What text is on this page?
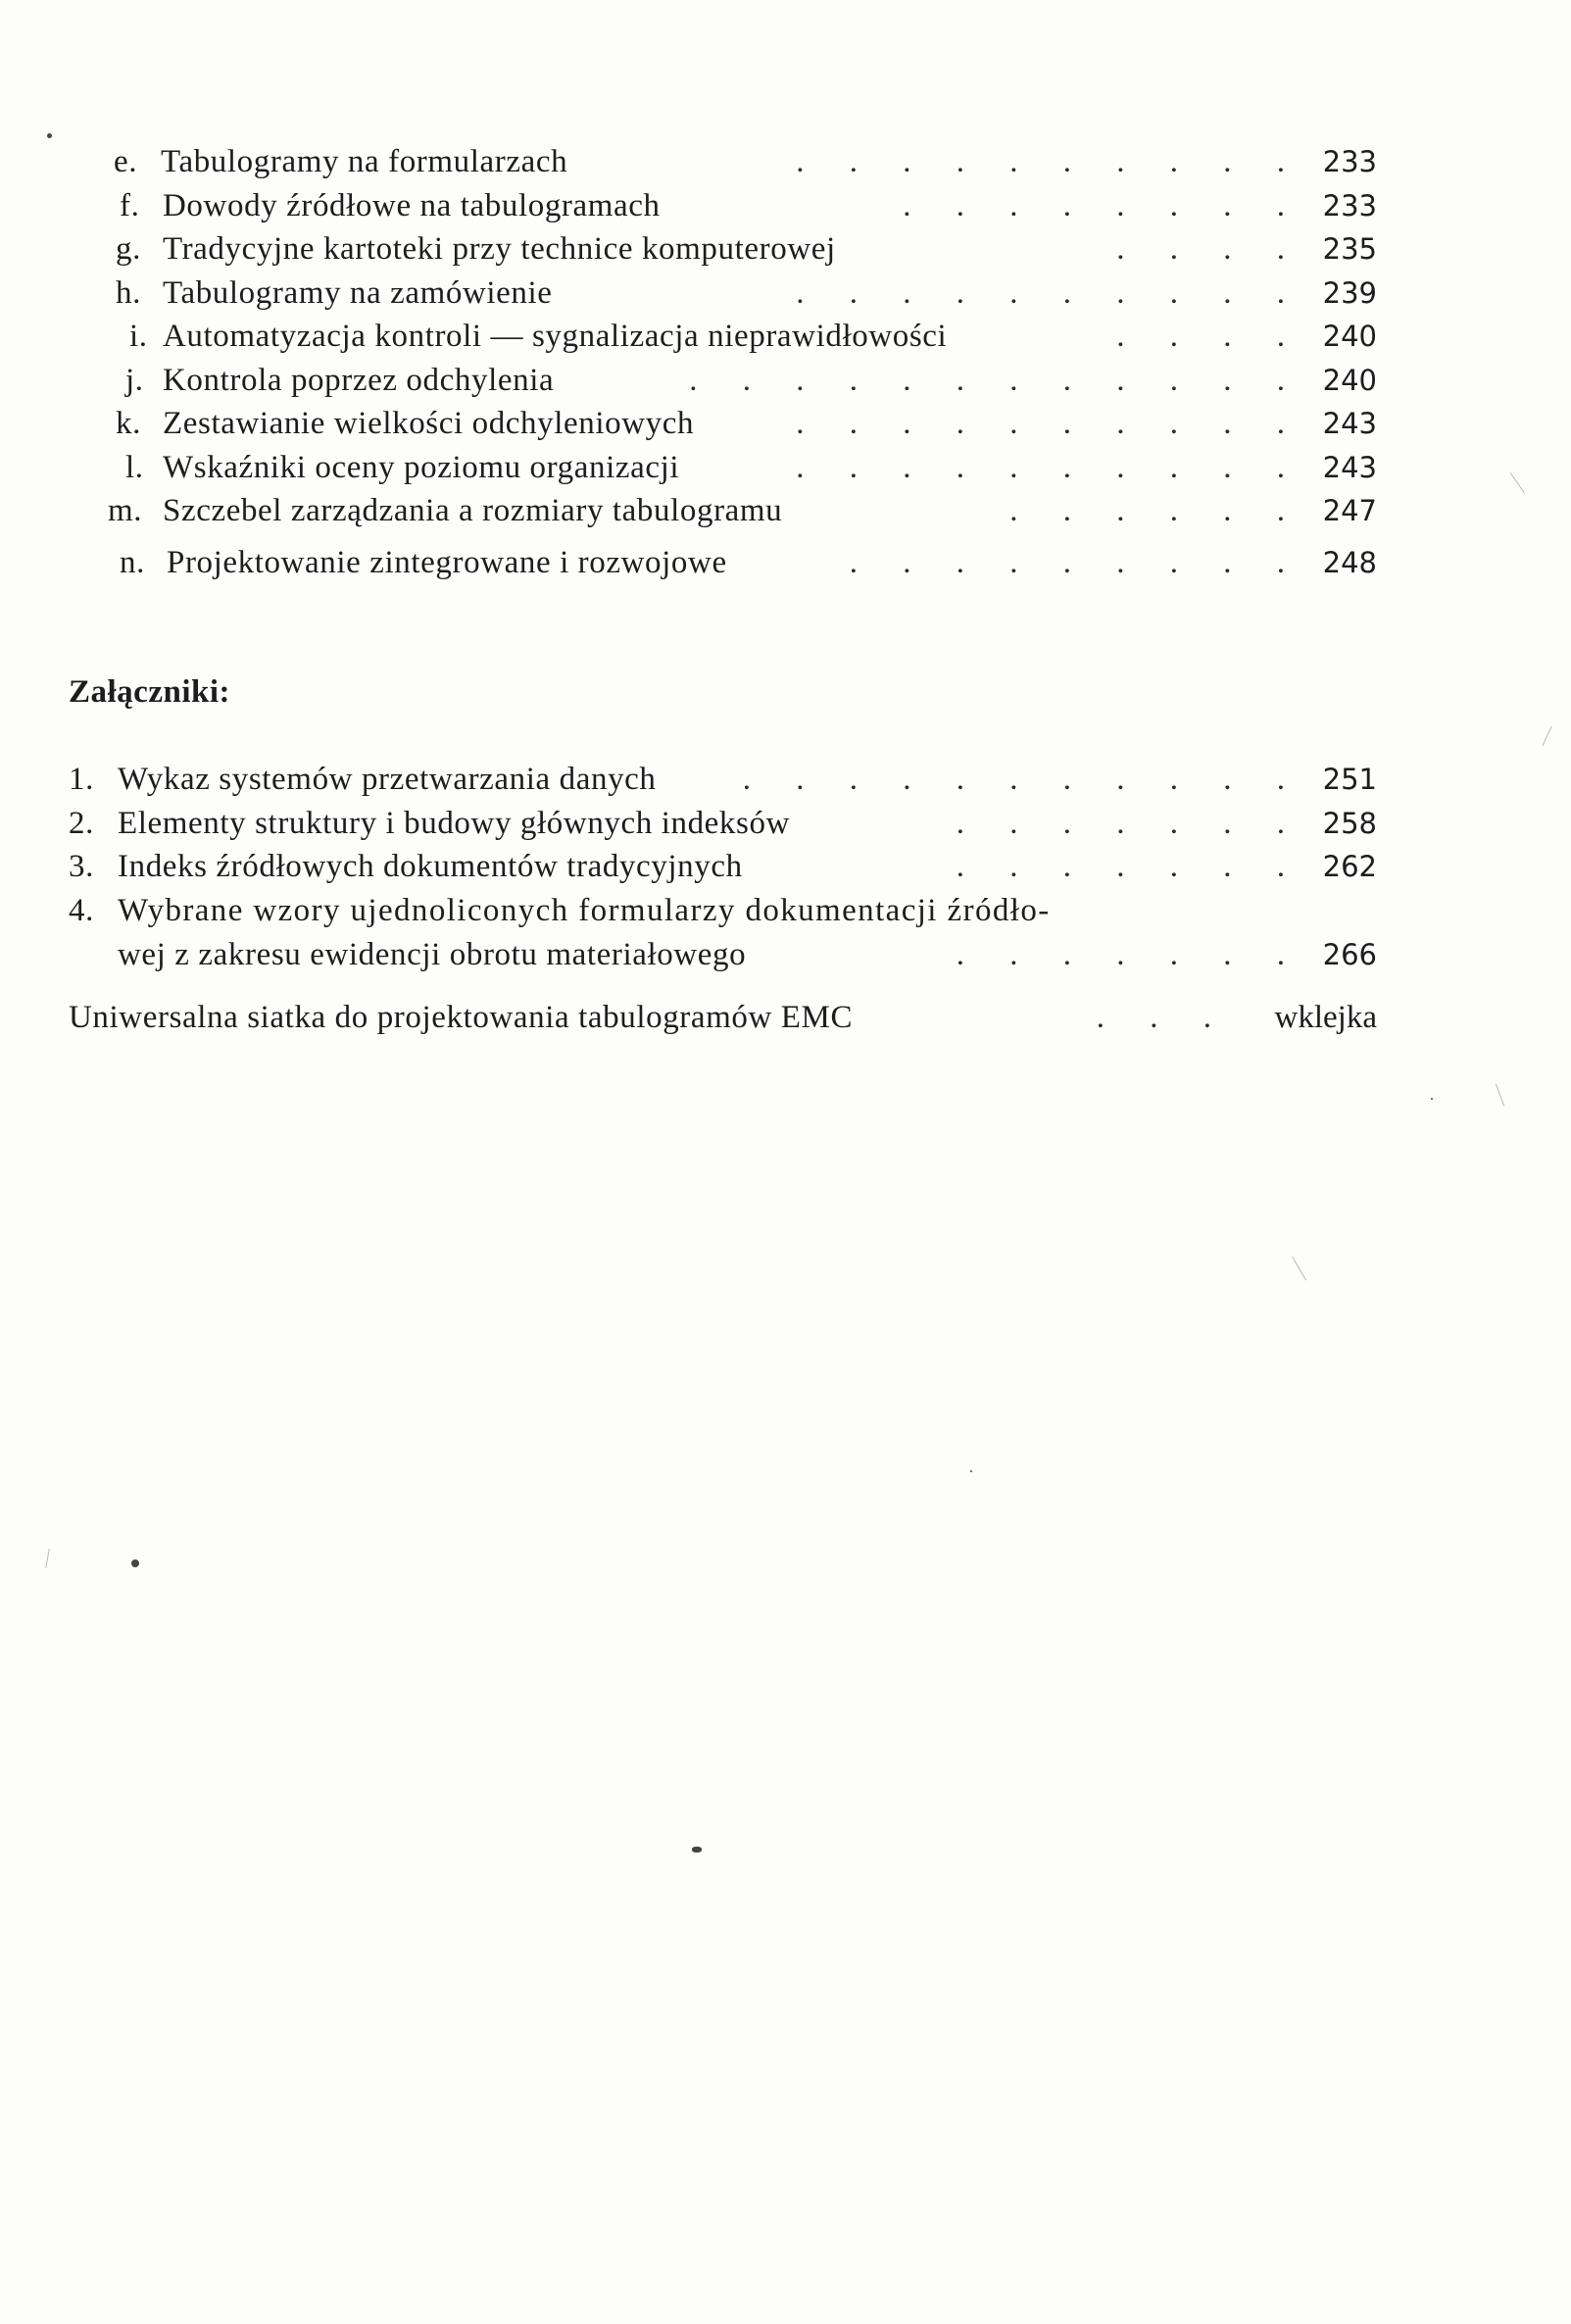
e. Tabulogramy na formularzach	. . . . . . . . . . 233
f. Dowody źródłowe na tabulogramach	. . . . . . . . 233
g. Tradycyjne kartoteki przy technice komputerowej	. . . . 235
h. Tabulogramy na zamówienie	. . . . . . . . . . 239
i. Automatyzacja kontroli — sygnalizacja nieprawidłowości	. . . . 240
j. Kontrola poprzez odchylenia	. . . . . . . . . . . . 240
k. Zestawianie wielkości odchyleniowych	. . . . . . . . . . 243
l. Wskaźniki oceny poziomu organizacji	. . . . . . . . . . 243
m. Szczebel zarządzania a rozmiary tabulogramu	. . . . . . 247
n. Projektowanie zintegrowane i rozwojowe	. . . . . . . . . 248
1. Wykaz systemów przetwarzania danych	. . . . . . . . . . . 251
2. Elementy struktury i budowy głównych indeksów	. . . . . . . 258
3. Indeks źródłowych dokumentów tradycyjnych	. . . . . . . 262
4. Wybrane wzory ujednoliconych formularzy dokumentacji źródło-
wej z zakresu ewidencji obrotu materiałowego	. . . . . . . 266
Uniwersalna siatka do projektowania tabulogramów EMC	. . .	wklejka
Załączniki:
